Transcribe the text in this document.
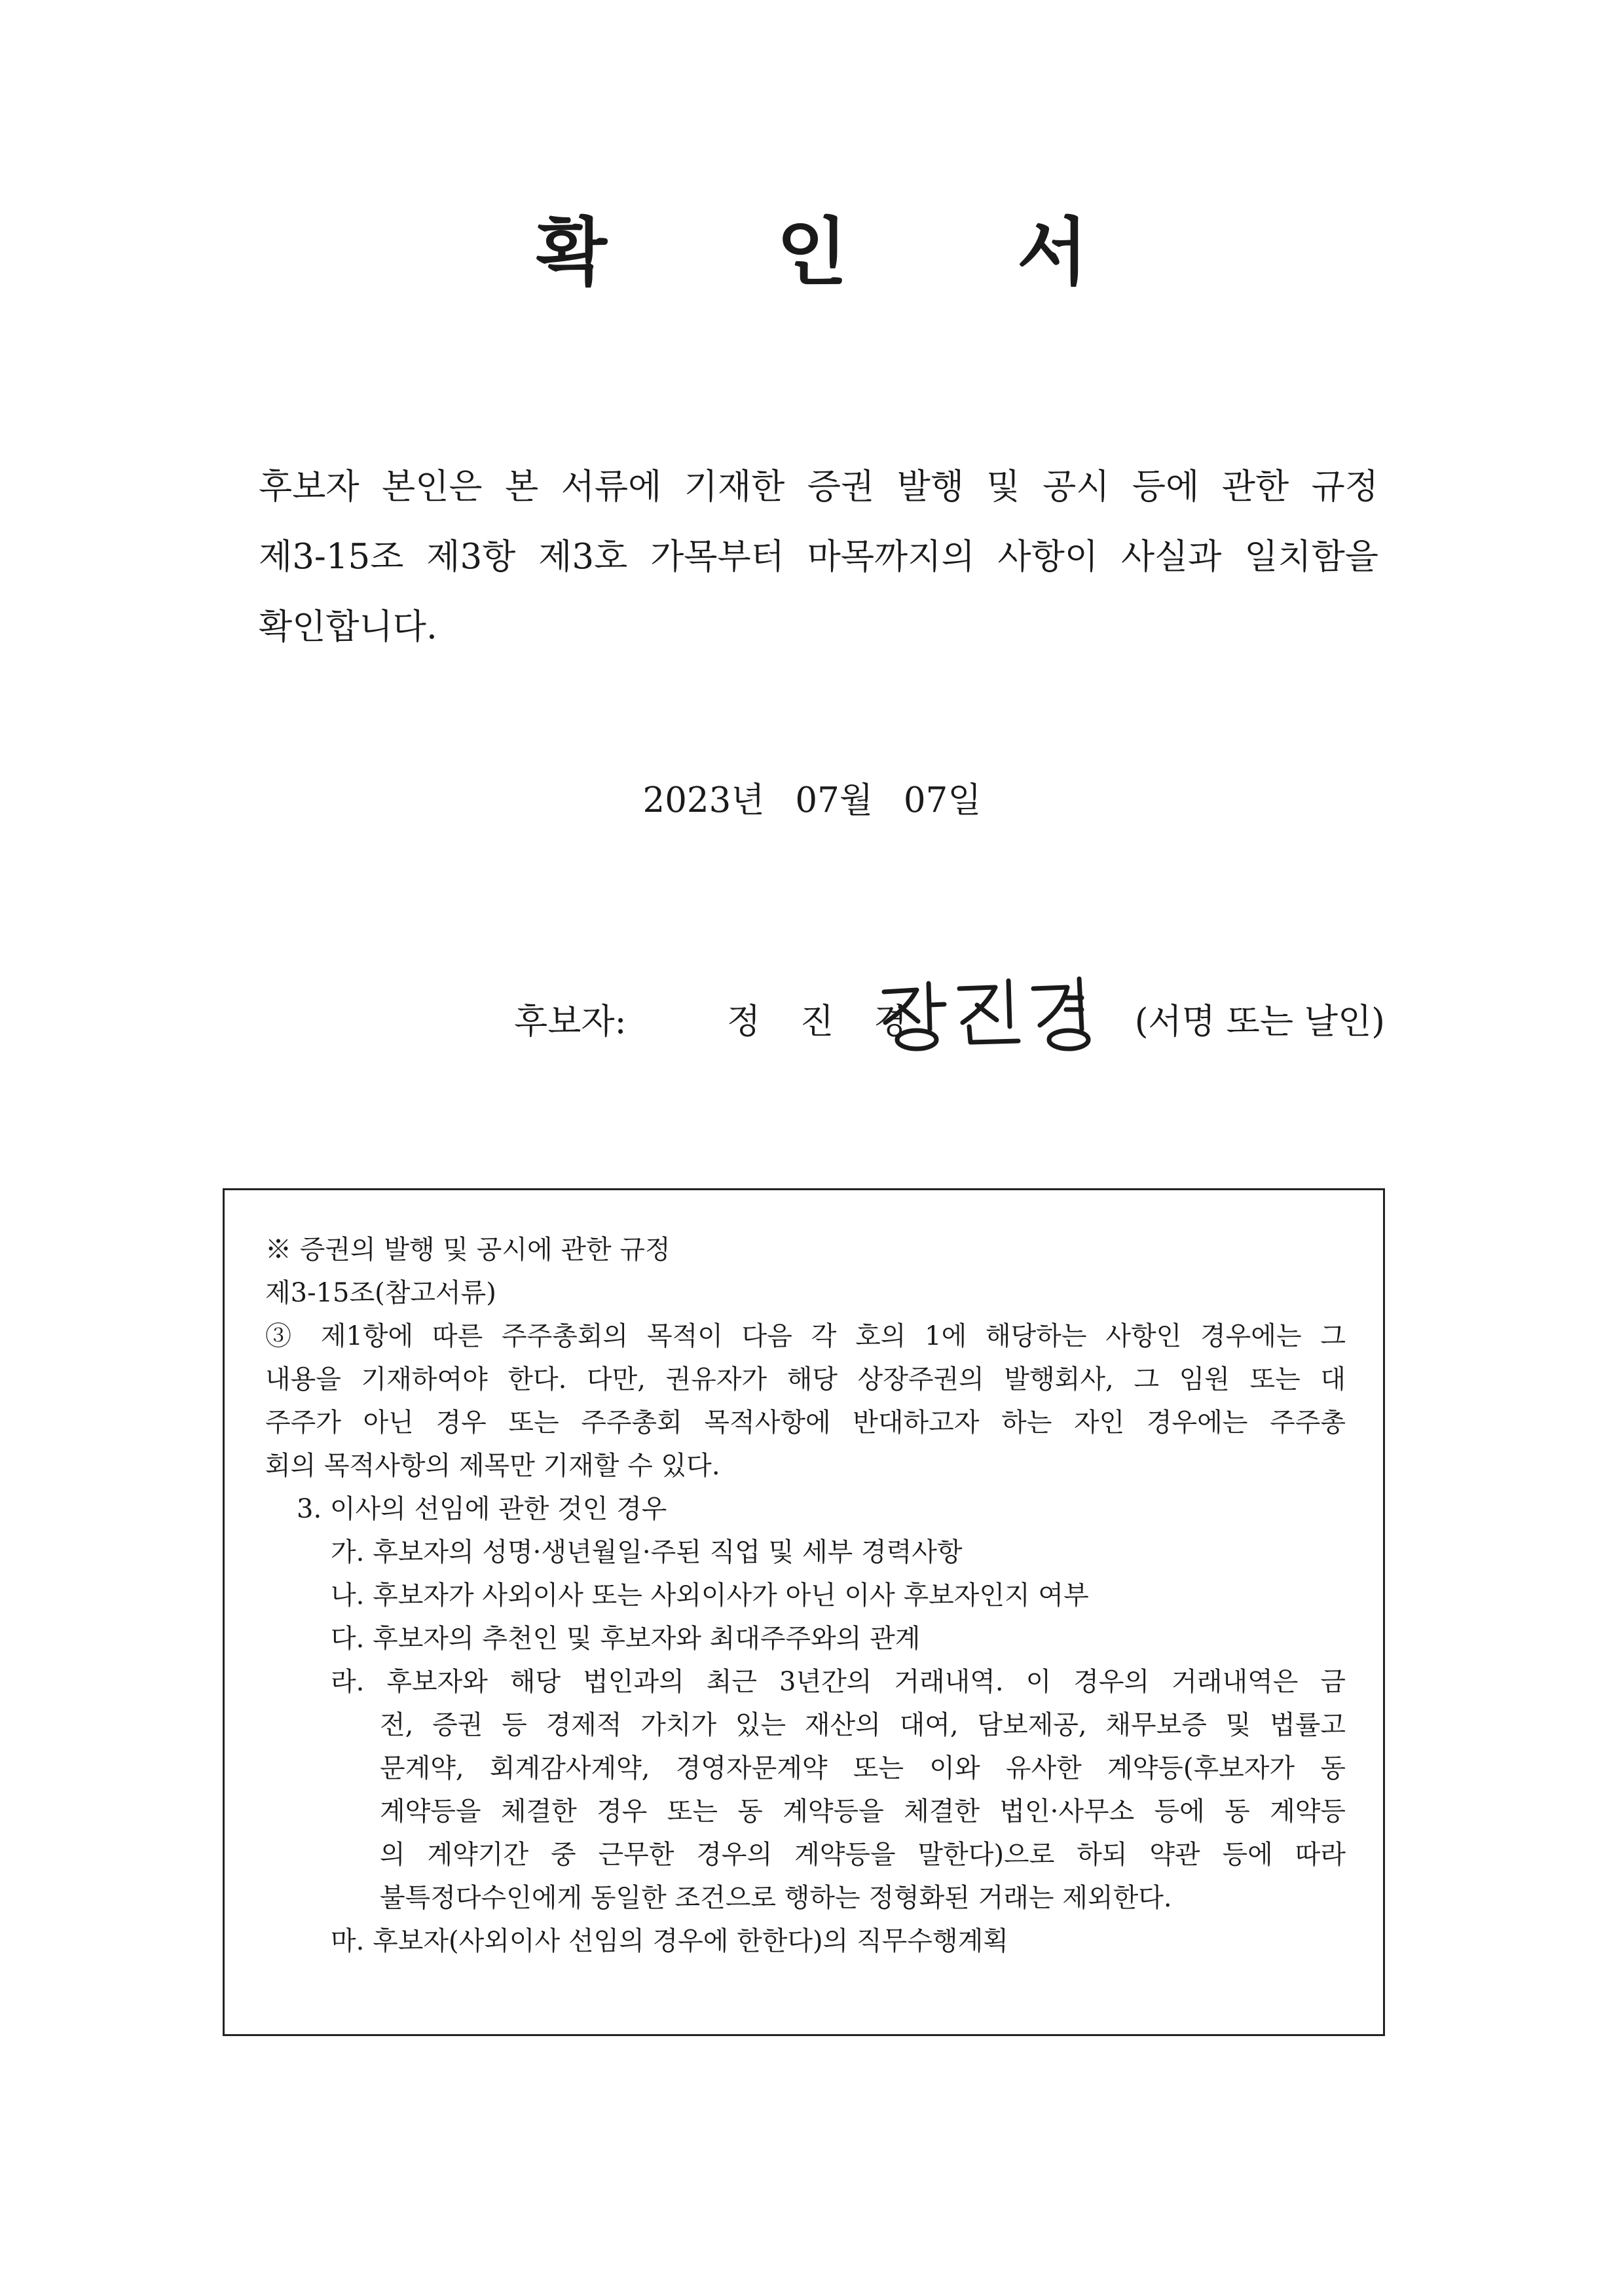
확 인 서
후보자 본인은 본 서류에 기재한 증권 발행 및 공시 등에 관한 규정
제3-15조 제3항 제3호 가목부터 마목까지의 사항이 사실과 일치함을
확인합니다.
2023년 07월 07일
후보자:	정 진 경	(서명 또는 날인)
※ 증권의 발행 및 공시에 관한 규정
제3-15조(참고서류)
③ 제1항에 따른 주주총회의 목적이 다음 각 호의 1에 해당하는 사항인 경우에는 그
내용을 기재하여야 한다. 다만, 권유자가 해당 상장주권의 발행회사, 그 임원 또는 대
주주가 아닌 경우 또는 주주총회 목적사항에 반대하고자 하는 자인 경우에는 주주총
회의 목적사항의 제목만 기재할 수 있다.
3. 이사의 선임에 관한 것인 경우
가. 후보자의 성명·생년월일·주된 직업 및 세부 경력사항
나. 후보자가 사외이사 또는 사외이사가 아닌 이사 후보자인지 여부
다. 후보자의 추천인 및 후보자와 최대주주와의 관계
라. 후보자와 해당 법인과의 최근 3년간의 거래내역. 이 경우의 거래내역은 금
전, 증권 등 경제적 가치가 있는 재산의 대여, 담보제공, 채무보증 및 법률고
문계약, 회계감사계약, 경영자문계약 또는 이와 유사한 계약등(후보자가 동
계약등을 체결한 경우 또는 동 계약등을 체결한 법인·사무소 등에 동 계약등
의 계약기간 중 근무한 경우의 계약등을 말한다)으로 하되 약관 등에 따라
불특정다수인에게 동일한 조건으로 행하는 정형화된 거래는 제외한다.
마. 후보자(사외이사 선임의 경우에 한한다)의 직무수행계획
